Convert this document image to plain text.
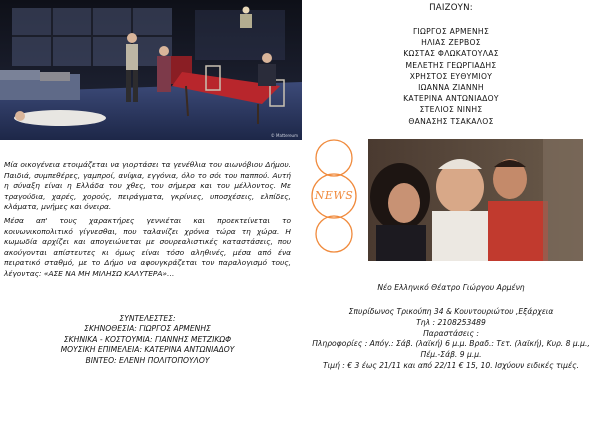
© Mattereum
ΠΑΙΖΟΥΝ:
ΓΙΩΡΓΟΣ ΑΡΜΕΝΗΣ
ΗΛΙΑΣ ΖΕΡΒΟΣ
ΚΩΣΤΑΣ ΦΛΩΚΑΤΟΥΛΑΣ
ΜΕΛΕΤΗΣ ΓΕΩΡΓΙΑΔΗΣ
ΧΡΗΣΤΟΣ ΕΥΘΥΜΙΟΥ
ΙΩΑΝΝΑ ΖΙΑΝΝΗ
ΚΑΤΕΡΙΝΑ ΑΝΤΩΝΙΑΔΟΥ
ΣΤΕΛΙΟΣ ΝΙΝΗΣ
ΘΑΝΑΣΗΣ ΤΣΑΚΑΛΟΣ
NEWS
Μία οικογένεια ετοιμάζεται να γιορτάσει τα γενέθλια του αιωνόβιου Δήμου. Παιδιά, συμπεθέρες, γαμπροί, ανίψια, εγγόνια, όλο το σόι του παππού. Αυτή η σύναξη είναι η Ελλάδα του χθες, του σήμερα και του μέλλοντος. Με τραγούδια, χαρές, χορούς, πειράγματα, γκρίνιες, υποσχέσεις, ελπίδες, κλάματα, μνήμες και όνειρα.
Μέσα απ' τους χαρακτήρες γεννιέται και προεκτείνεται το κοινωνικοπολιτικό γίγνεσθαι, που ταλανίζει χρόνια τώρα τη χώρα. Η κωμωδία αρχίζει και απογειώνεται με σουρεαλιστικές καταστάσεις, που ακούγονται απίστευτες κι όμως είναι τόσο αληθινές, μέσα από ένα πειρατικό σταθμό, με το Δήμο να αφουγκράζεται τον παραλογισμό τους, λέγοντας: «ΑΣΕ ΝΑ ΜΗ ΜΙΛΗΣΩ ΚΑΛΥΤΕΡΑ»…
ΣΥΝΤΕΛΕΣΤΕΣ:
ΣΚΗΝΟΘΕΣΙΑ: ΓΙΩΡΓΟΣ ΑΡΜΕΝΗΣ
ΣΚΗΝΙΚΑ - ΚΟΣΤΟΥΜΙΑ: ΓΙΑΝΝΗΣ ΜΕΤΖΙΚΩΦ
ΜΟΥΣΙΚΗ ΕΠΙΜΕΛΕΙΑ: ΚΑΤΕΡΙΝΑ ΑΝΤΩΝΙΑΔΟΥ
ΒΙΝΤΕΟ: ΕΛΕΝΗ ΠΟΛΙΤΟΠΟΥΛΟΥ
Νέο Ελληνικό Θέατρο Γιώργου Αρμένη
Σπυρίδωνος Τρικούπη 34 & Κουντουριώτου ,Εξάρχεια
Τηλ : 2108253489
Παραστάσεις :
Πληροφορίες : Απόγ.: Σάβ. (λαϊκή) 6 μ.μ. Βραδ.: Τετ. (λαϊκή), Κυρ. 8 μ.μ., Πέμ.-Σάβ. 9 μ.μ.
Τιμή : € 3 έως 21/11 και από 22/11 € 15, 10. Ισχύουν ειδικές τιμές.
